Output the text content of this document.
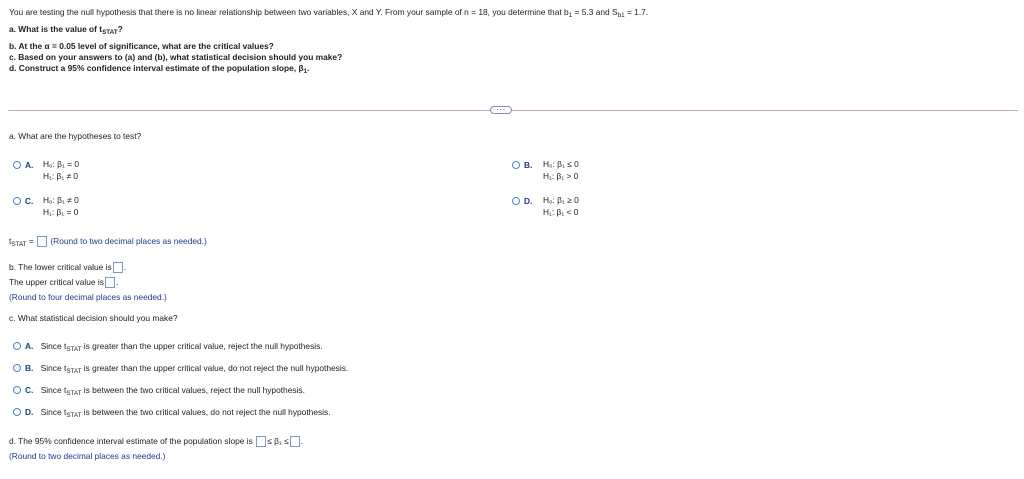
You are testing the null hypothesis that there is no linear relationship between two variables, X and Y. From your sample of n = 18, you determine that $b_1 = 5.3$ and $S_{b1} = 1.7$.
a. What is the value of $t_{STAT}$?
b. At the α = 0.05 level of significance, what are the critical values?
c. Based on your answers to (a) and (b), what statistical decision should you make?
d. Construct a 95% confidence interval estimate of the population slope, $\beta_1$.
···
a. What are the hypotheses to test?
A.	H₀: β₁ = 0
H₁: β₁ ≠ 0
B.	H₀: β₁ ≤ 0
H₁: β₁ > 0
C.	H₀: β₁ ≠ 0
H₁: β₁ = 0
D.	H₀: β₁ ≥ 0
H₁: β₁ < 0
$t_{STAT}$ = (Round to two decimal places as needed.)
b. The lower critical value is .
The upper critical value is .
(Round to four decimal places as needed.)
c. What statistical decision should you make?
A. Since $t_{STAT}$ is greater than the upper critical value, reject the null hypothesis.
B. Since $t_{STAT}$ is greater than the upper critical value, do not reject the null hypothesis.
C. Since $t_{STAT}$ is between the two critical values, reject the null hypothesis.
D. Since $t_{STAT}$ is between the two critical values, do not reject the null hypothesis.
d. The 95% confidence interval estimate of the population slope is ≤ β₁ ≤ .
(Round to two decimal places as needed.)
